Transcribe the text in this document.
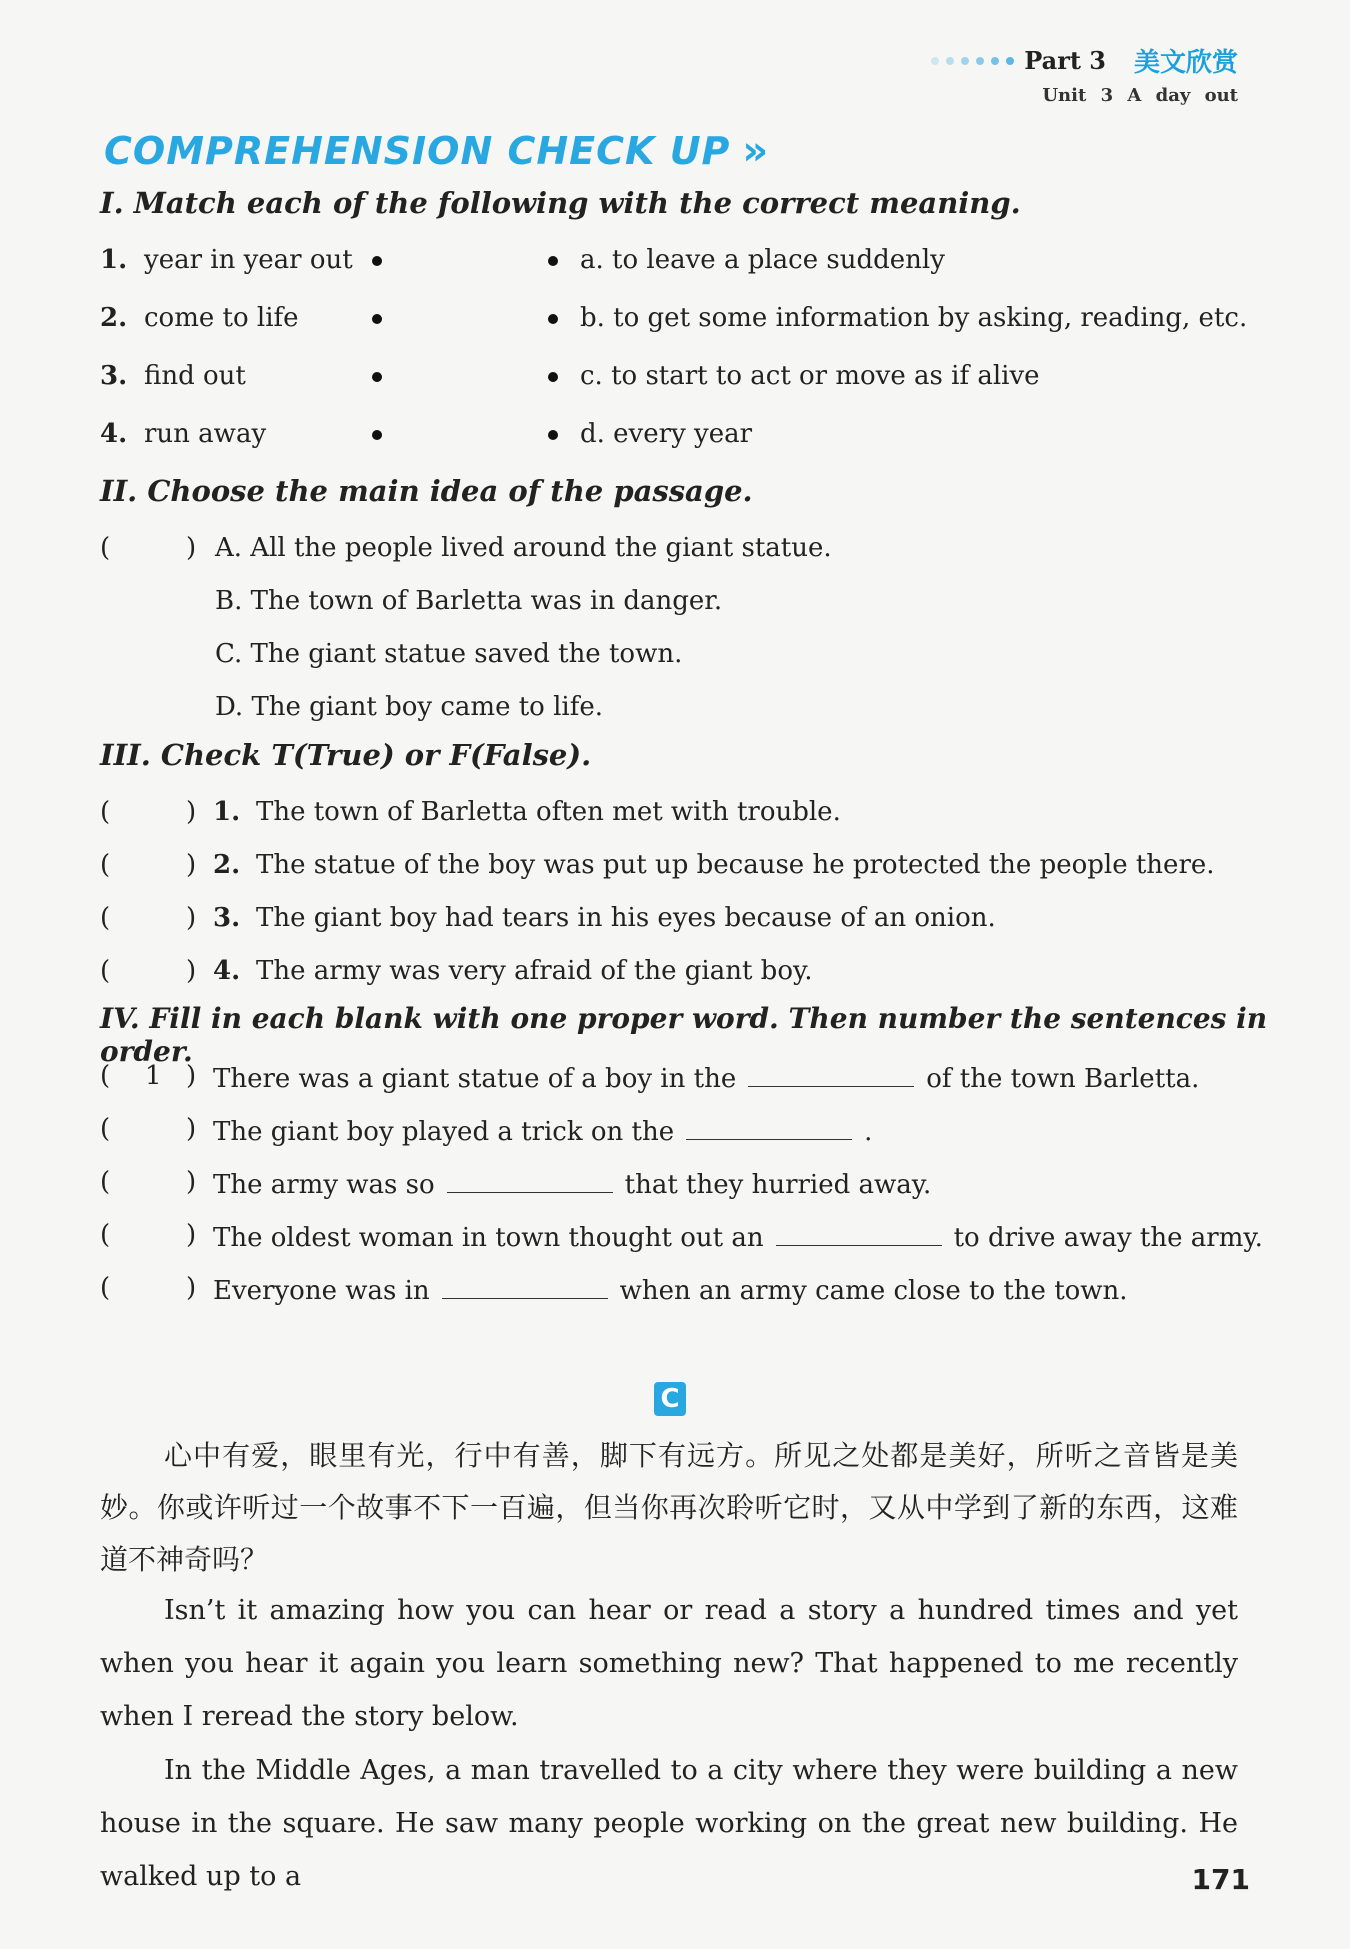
Part 3 美文欣赏
Unit 3 A day out
COMPREHENSION CHECK UP »
I. Match each of the following with the correct meaning.
1. year in year out	a. to leave a place suddenly
2. come to life	b. to get some information by asking, reading, etc.
3. find out	c. to start to act or move as if alive
4. run away	d. every year
II. Choose the main idea of the passage.
(	) A. All the people lived around the giant statue.
B. The town of Barletta was in danger.
C. The giant statue saved the town.
D. The giant boy came to life.
III. Check T(True) or F(False).
(	) 1. The town of Barletta often met with trouble.
(	) 2. The statue of the boy was put up because he protected the people there.
(	) 3. The giant boy had tears in his eyes because of an onion.
(	) 4. The army was very afraid of the giant boy.
IV. Fill in each blank with one proper word. Then number the sentences in order.
( 1 ) There was a giant statue of a boy in the	of the town Barletta.
(	) The giant boy played a trick on the	.
(	) The army was so	that they hurried away.
(	) The oldest woman in town thought out an	to drive away the army.
(	) Everyone was in	when an army came close to the town.
C
心中有爱，眼里有光，行中有善，脚下有远方。所见之处都是美好，所听之音皆是美妙。你或许听过一个故事不下一百遍，但当你再次聆听它时，又从中学到了新的东西，这难道不神奇吗？
Isn’t it amazing how you can hear or read a story a hundred times and yet when you hear it again you learn something new? That happened to me recently when I reread the story below.
In the Middle Ages, a man travelled to a city where they were building a new house in the square. He saw many people working on the great new building. He walked up to a	171
